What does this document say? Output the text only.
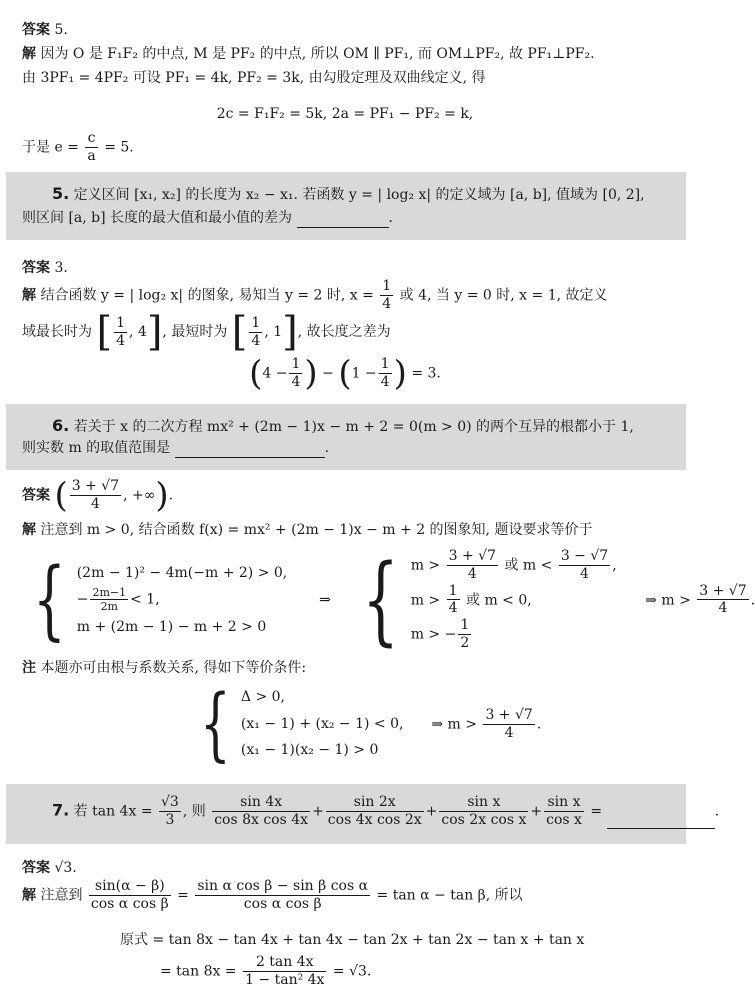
答案 5.
解 因为 O 是 F₁F₂ 的中点, M 是 PF₂ 的中点, 所以 OM ∥ PF₁, 而 OM⊥PF₂, 故 PF₁⊥PF₂.
由 3PF₁ = 4PF₂ 可设 PF₁ = 4k, PF₂ = 3k, 由勾股定理及双曲线定义, 得
2c = F₁F₂ = 5k, 2a = PF₁ − PF₂ = k,
于是 $e = \frac{c}{a} = 5$.
5. 定义区间 [x₁, x₂] 的长度为 x₂ − x₁. 若函数 y = | log₂ x| 的定义域为 [a, b], 值域为 [0, 2],
则区间 [a, b] 长度的最大值和最小值的差为	.
答案 3.
解 结合函数 y = | log₂ x| 的图象, 易知当 y = 2 时, $x = \frac{1}{4}$ 或 4, 当 y = 0 时, x = 1, 故定义
域最长时为 [ $\frac{1}{4}$ , 4], 最短时为 [ $\frac{1}{4}$ , 1], 故长度之差为
($4 - \frac{1}{4}$ ) − ($1 - \frac{1}{4}$ ) = 3.
6. 若关于 x 的二次方程 mx² + (2m − 1)x − m + 2 = 0(m > 0) 的两个互异的根都小于 1,
则实数 m 的取值范围是	.
答案 ( $\frac{3 + √7}{4}$ , +∞).
解 注意到 m > 0, 结合函数 f(x) = mx² + (2m − 1)x − m + 2 的图象知, 题设要求等价于
{ (2m − 1)² − 4m(−m + 2) > 0,
− $\frac{2m-1}{2m} < 1$,
m + (2m − 1) − m + 2 > 0
⇒ { $m > \frac{3 + √7}{4}$ 或 $m < \frac{3 - √7}{4}$ ,
$m > \frac{1}{4}$ 或 m < 0,
m > − $\frac{1}{2}$
⇒ $m > \frac{3 + √7}{4}$ .
注 本题亦可由根与系数关系, 得如下等价条件:
{ Δ > 0,
(x₁ − 1) + (x₂ − 1) < 0,
(x₁ − 1)(x₂ − 1) > 0
⇒ $m > \frac{3 + √7}{4}$ .
7. 若 $\tan 4x = \frac{√3}{3}$ , 则 $\frac{\sin 4x}{\text{cos 8x cos 4x}} + \frac{\sin 2x}{\text{cos 4x cos 2x}} + \frac{\text{sin x}}{\text{cos 2x cos x}} + \frac{\text{sin x}}{\text{cos x}}$ =	.
答案 √3.
解 注意到 $\frac{\sin(\alpha - \beta)}{\text{cos α cos β}} = \frac{\text{sin α cos β − sin β cos α}}{\text{cos α cos β}} = \tan \alpha - \tan \beta$, 所以
原式 = tan 8x − tan 4x + tan 4x − tan 2x + tan 2x − tan x + tan x
= $\tan 8x = \frac{2 \tan 4x}{\text{1 − tan² 4x}} = √3$.
